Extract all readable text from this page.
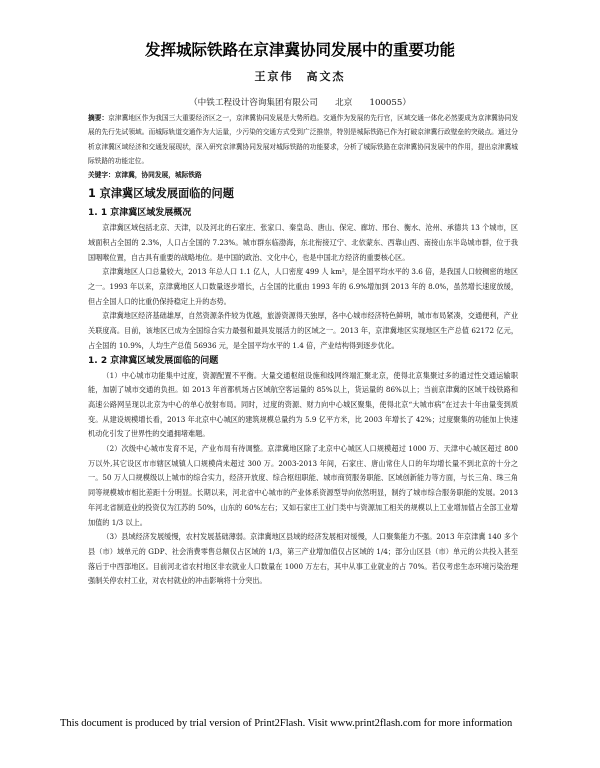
发挥城际铁路在京津冀协同发展中的重要功能
王京伟　高文杰
（中铁工程设计咨询集团有限公司　　北京　　100055）

摘要：京津冀地区作为我国三大重要经济区之一，京津冀协同发展是大势所趋。交通作为发展的先行官，区域交通一体化必然要成为京津冀协同发展的先行先试领域。而城际轨道交通作为大运量，少污染的交通方式受到广泛推崇，特别是城际铁路已作为打破京津冀行政壁垒的突破点。通过分析京津冀区域经济和交通发展现状，深入研究京津冀协同发展对城际铁路的功能要求，分析了城际铁路在京津冀协同发展中的作用，提出京津冀城际铁路的功能定位。

关键字：京津冀，协同发展，城际铁路

1 京津冀区域发展面临的问题
1. 1 京津冀区域发展概况

京津冀区域包括北京、天津，以及河北的石家庄、张家口、秦皇岛、唐山、保定、廊坊、邢台、衡水、沧州、承德共 13 个城市，区域面积占全国的 2.3%，人口占全国的 7.23%。城市群东临渤海，东北衔接辽宁、北依蒙东、西靠山西、南接山东半岛城市群，位于我国咽喉位置，自古具有重要的战略地位。是中国的政治、文化中心，也是中国北方经济的重要核心区。

京津冀地区人口总量较大，2013 年总人口 1.1 亿人，人口密度 499 人 km²，是全国平均水平的 3.6 倍，是我国人口较稠密的地区之一。1993 年以来，京津冀地区人口数量逐步增长，占全国的比重由 1993 年的 6.9%增加到 2013 年的 8.0%，虽然增长速度放缓，但占全国人口的比重仍保持稳定上升的态势。

京津冀地区经济基础雄厚，自然资源条件较为优越，旅游资源得天独厚，各中心城市经济特色鲜明，城市布局紧凑，交通便利，产业关联度高。目前，该地区已成为全国综合实力最强和最具发展活力的区域之一。2013 年，京津冀地区实现地区生产总值 62172 亿元，占全国的 10.9%，人均生产总值 56936 元，是全国平均水平的 1.4 倍，产业结构得到逐步优化。

1. 2 京津冀区域发展面临的问题

（1）中心城市功能集中过度，资源配置不平衡。大量交通枢纽设施和线网终端汇聚北京，使得北京集聚过多的通过性交通运输职能，加剧了城市交通的负担。如 2013 年首都机场占区域航空客运量的 85%以上，货运量的 86%以上；当前京津冀的区域干线铁路和高速公路网呈现以北京为中心的单心放射布局。同时，过度的资源、财力向中心城区聚集，使得北京“大城市病”在过去十年由量变到质变。从建设规模增长看，2013 年北京中心城区的建筑规模总量约为 5.9 亿平方米，比 2003 年增长了 42%；过度聚集的功能加上快速机动化引发了世界性的交通拥堵难题。

（2）次级中心城市发育不足，产业布局有待调整。京津冀地区除了北京中心城区人口规模超过 1000 万、天津中心城区超过 800 万以外,其它设区市市辖区城镇人口规模尚未超过 300 万。2003-2013 年间，石家庄、唐山常住人口的年均增长量不到北京的十分之一。50 万人口规模级以上城市的综合实力，经济开放度、综合枢纽职能、城市商贸服务职能、区域创新能力等方面，与长三角、珠三角同等规模城市相比差距十分明显。长期以来，河北省中心城市的产业体系资源型导向依然明显，制约了城市综合服务职能的发展。2013 年河北省制造业的投资仅为江苏的 50%，山东的 60%左右；又如石家庄工业门类中与资源加工相关的规模以上工业增加值占全部工业增加值的 1/3 以上。

（3）县域经济发展缓慢，农村发展基础薄弱。京津冀地区县域的经济发展相对缓慢，人口聚集能力不强。2013 年京津冀 140 多个县（市）域单元的 GDP、社会消费零售总额仅占区域的 1/3，第三产业增加值仅占区域的 1/4；部分山区县（市）单元的公共投入甚至落后于中西部地区。目前河北省农村地区非农就业人口数量在 1000 万左右，其中从事工业就业的占 70%。若仅考虑生态环境污染治理强制关停农村工业，对农村就业的冲击影响将十分突出。

This document is produced by trial version of Print2Flash. Visit www.print2flash.com for more information
